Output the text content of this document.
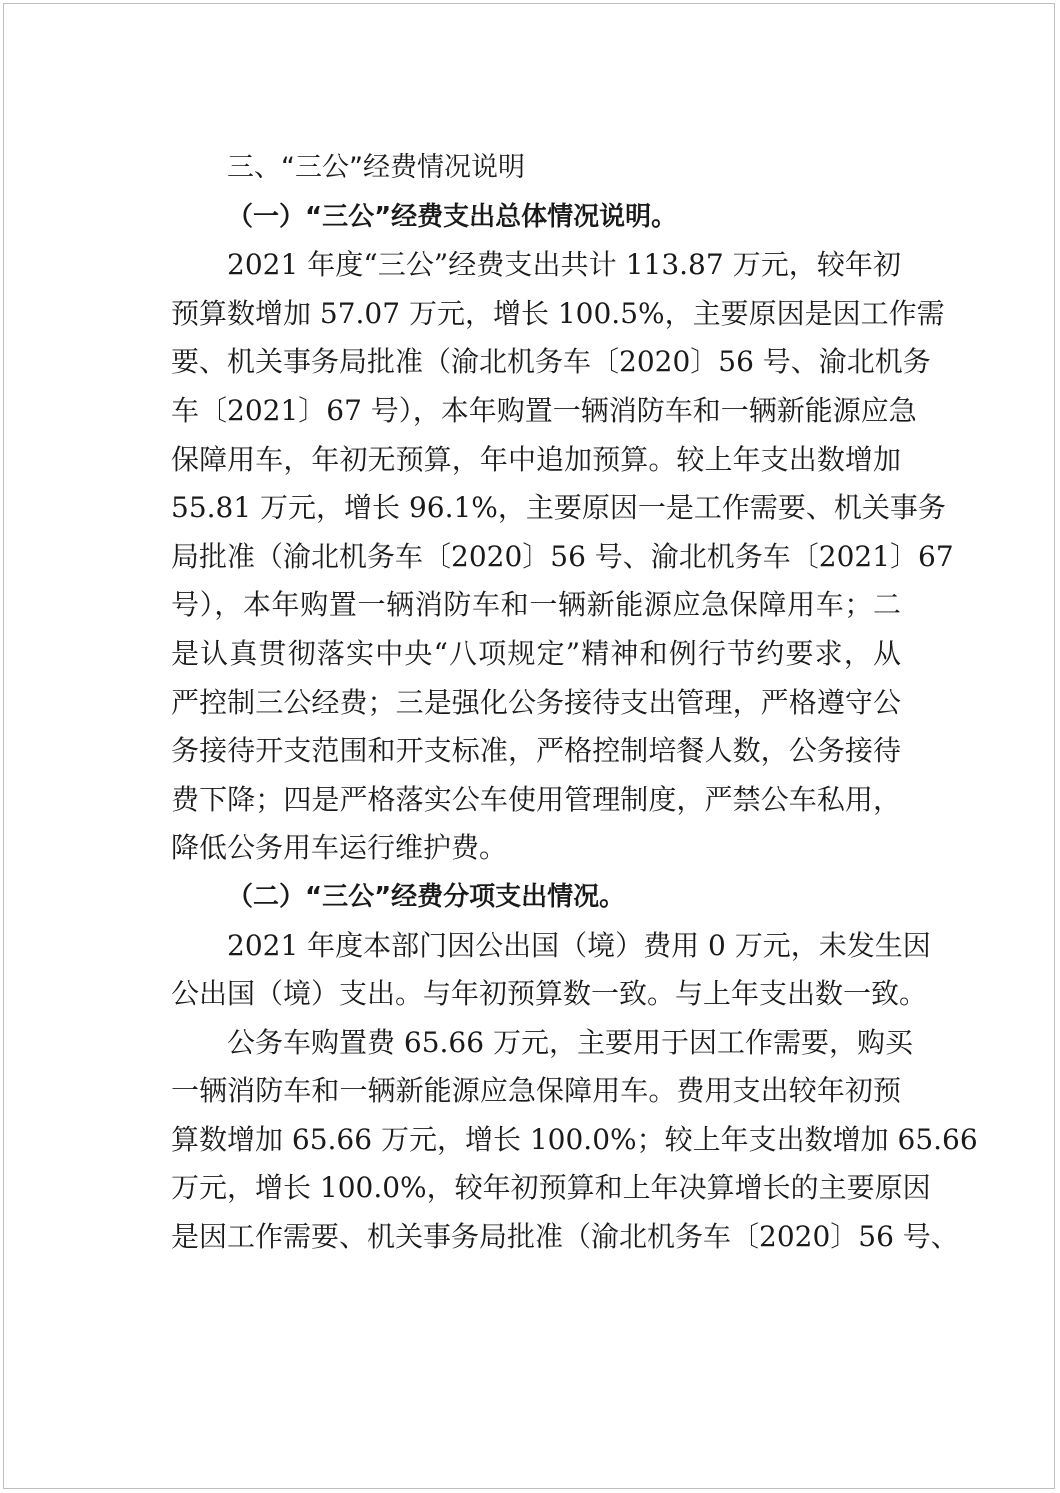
三、“三公”经费情况说明
（一）“三公”经费支出总体情况说明。
2021 年度“三公”经费支出共计 113.87 万元，较年初
预算数增加 57.07 万元，增长 100.5%，主要原因是因工作需
要、机关事务局批准（渝北机务车〔2020〕56 号、渝北机务
车〔2021〕67 号），本年购置一辆消防车和一辆新能源应急
保障用车，年初无预算，年中追加预算。较上年支出数增加
55.81 万元，增长 96.1%，主要原因一是工作需要、机关事务
局批准（渝北机务车〔2020〕56 号、渝北机务车〔2021〕67
号），本年购置一辆消防车和一辆新能源应急保障用车；二
是认真贯彻落实中央“八项规定”精神和例行节约要求，从
严控制三公经费；三是强化公务接待支出管理，严格遵守公
务接待开支范围和开支标准，严格控制培餐人数，公务接待
费下降；四是严格落实公车使用管理制度，严禁公车私用，
降低公务用车运行维护费。
（二）“三公”经费分项支出情况。
2021 年度本部门因公出国（境）费用 0 万元，未发生因
公出国（境）支出。与年初预算数一致。与上年支出数一致。
公务车购置费 65.66 万元，主要用于因工作需要，购买
一辆消防车和一辆新能源应急保障用车。费用支出较年初预
算数增加 65.66 万元，增长 100.0%；较上年支出数增加 65.66
万元，增长 100.0%，较年初预算和上年决算增长的主要原因
是因工作需要、机关事务局批准（渝北机务车〔2020〕56 号、
